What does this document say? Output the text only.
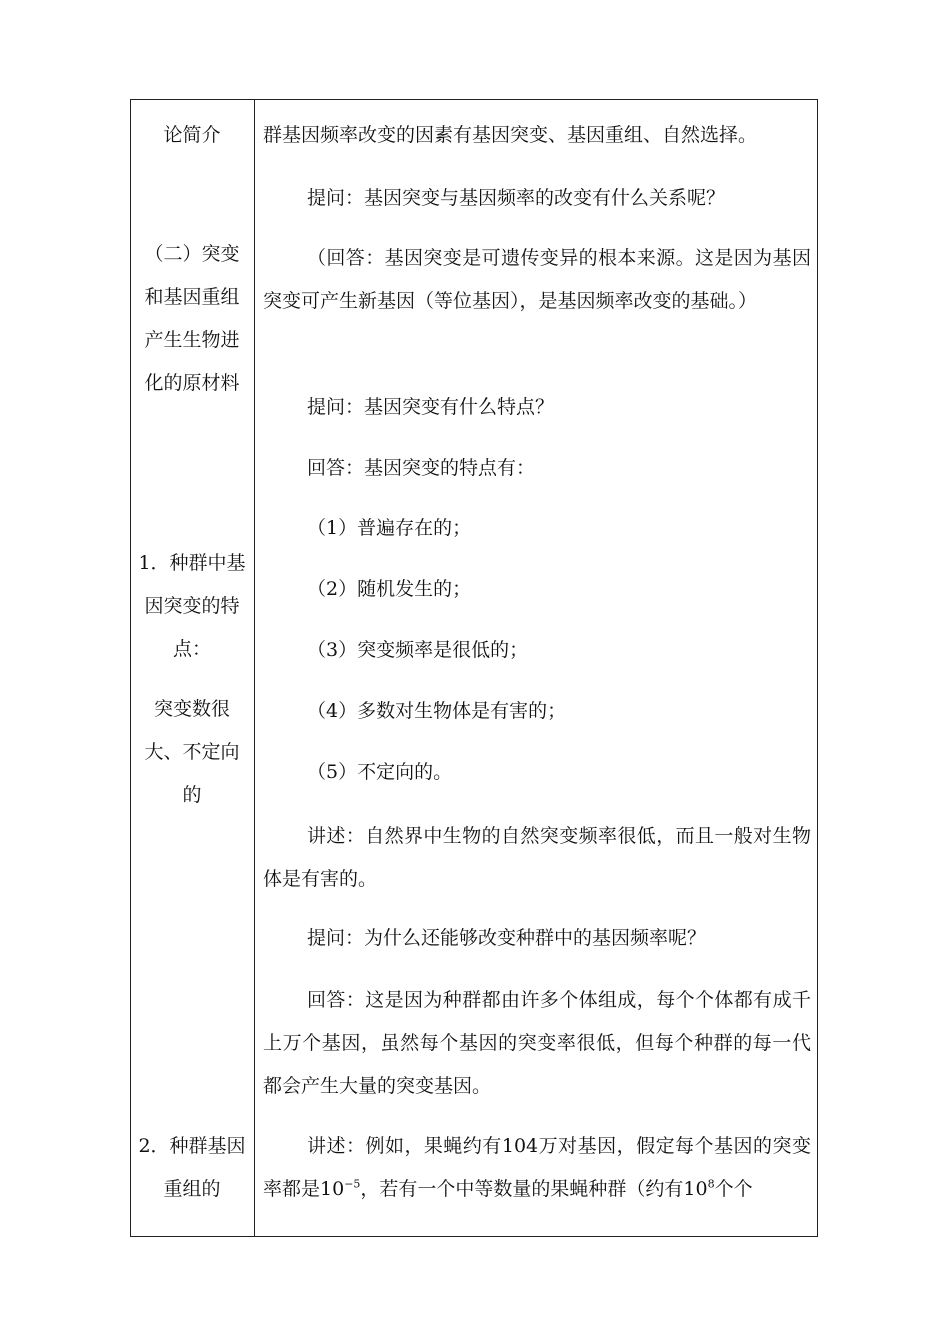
论简介
（二）突变和基因重组产生生物进化的原材料
1．种群中基因突变的特点：
突变数很大、不定向的
2．种群基因重组的
群基因频率改变的因素有基因突变、基因重组、自然选择。
提问：基因突变与基因频率的改变有什么关系呢？
（回答：基因突变是可遗传变异的根本来源。这是因为基因突变可产生新基因（等位基因），是基因频率改变的基础。）
提问：基因突变有什么特点？
回答：基因突变的特点有：
（1）普遍存在的；
（2）随机发生的；
（3）突变频率是很低的；
（4）多数对生物体是有害的；
（5）不定向的。
讲述：自然界中生物的自然突变频率很低，而且一般对生物体是有害的。
提问：为什么还能够改变种群中的基因频率呢？
回答：这是因为种群都由许多个体组成，每个个体都有成千上万个基因，虽然每个基因的突变率很低，但每个种群的每一代都会产生大量的突变基因。
讲述：例如，果蝇约有104万对基因，假定每个基因的突变率都是$10^{-5}$，若有一个中等数量的果蝇种群（约有$10^8$个个
